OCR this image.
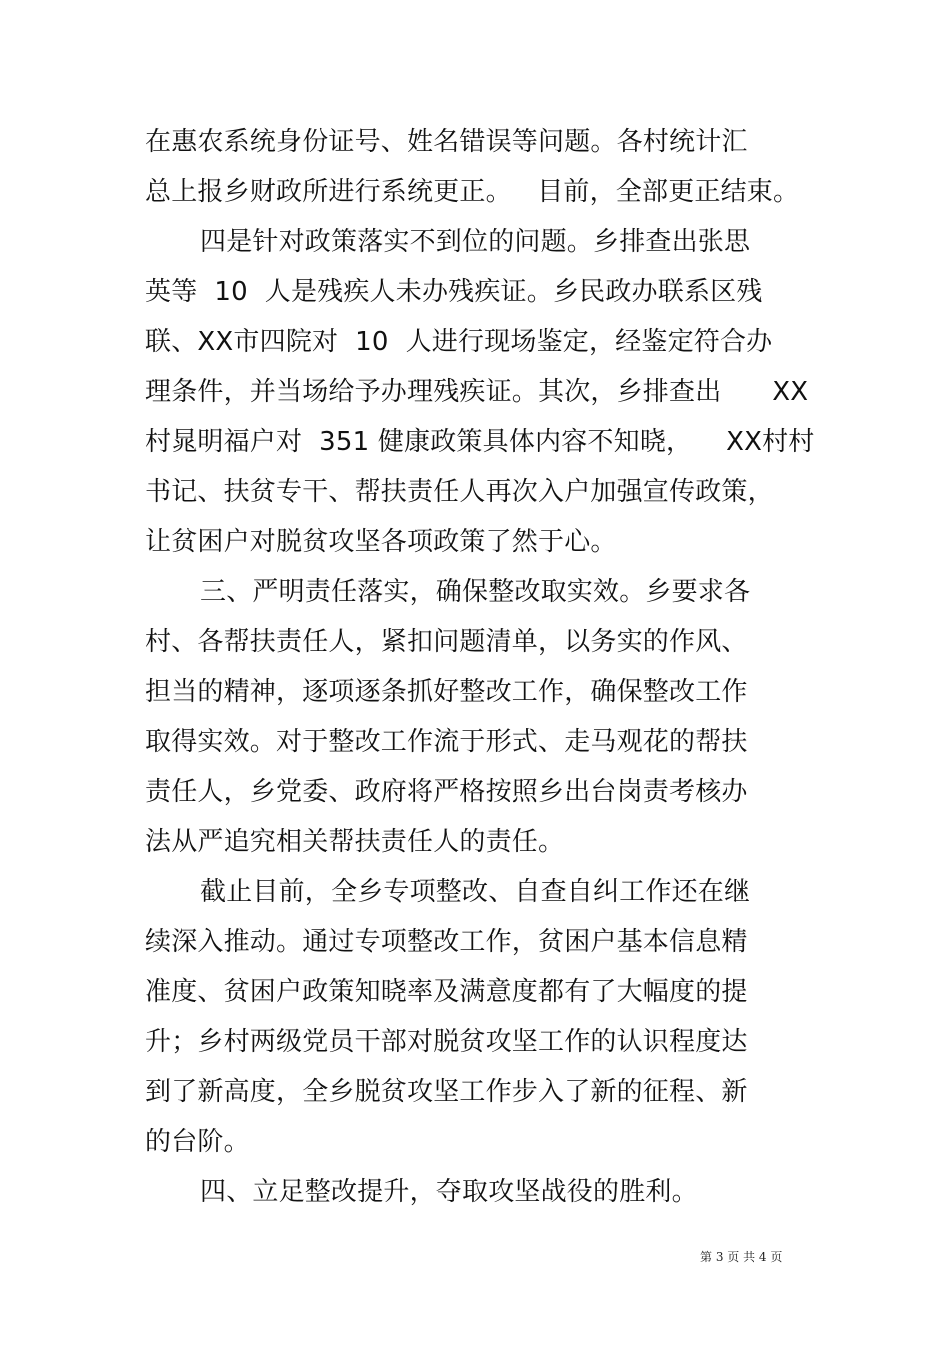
在惠农系统身份证号、姓名错误等问题。各村统计汇
总上报乡财政所进行系统更正。   目前，全部更正结束。
四是针对政策落实不到位的问题。乡排查出张思
英等  10  人是残疾人未办残疾证。乡民政办联系区残
联、XX市四院对  10  人进行现场鉴定，经鉴定符合办
理条件，并当场给予办理残疾证。其次，乡排查出      XX
村晁明福户对  351 健康政策具体内容不知晓，    XX村村
书记、扶贫专干、帮扶责任人再次入户加强宣传政策，
让贫困户对脱贫攻坚各项政策了然于心。
三、严明责任落实，确保整改取实效。乡要求各
村、各帮扶责任人，紧扣问题清单，以务实的作风、
担当的精神，逐项逐条抓好整改工作，确保整改工作
取得实效。对于整改工作流于形式、走马观花的帮扶
责任人，乡党委、政府将严格按照乡出台岗责考核办
法从严追究相关帮扶责任人的责任。
截止目前，全乡专项整改、自查自纠工作还在继
续深入推动。通过专项整改工作，贫困户基本信息精
准度、贫困户政策知晓率及满意度都有了大幅度的提
升；乡村两级党员干部对脱贫攻坚工作的认识程度达
到了新高度，全乡脱贫攻坚工作步入了新的征程、新
的台阶。
四、立足整改提升，夺取攻坚战役的胜利。
第 3 页 共 4 页
